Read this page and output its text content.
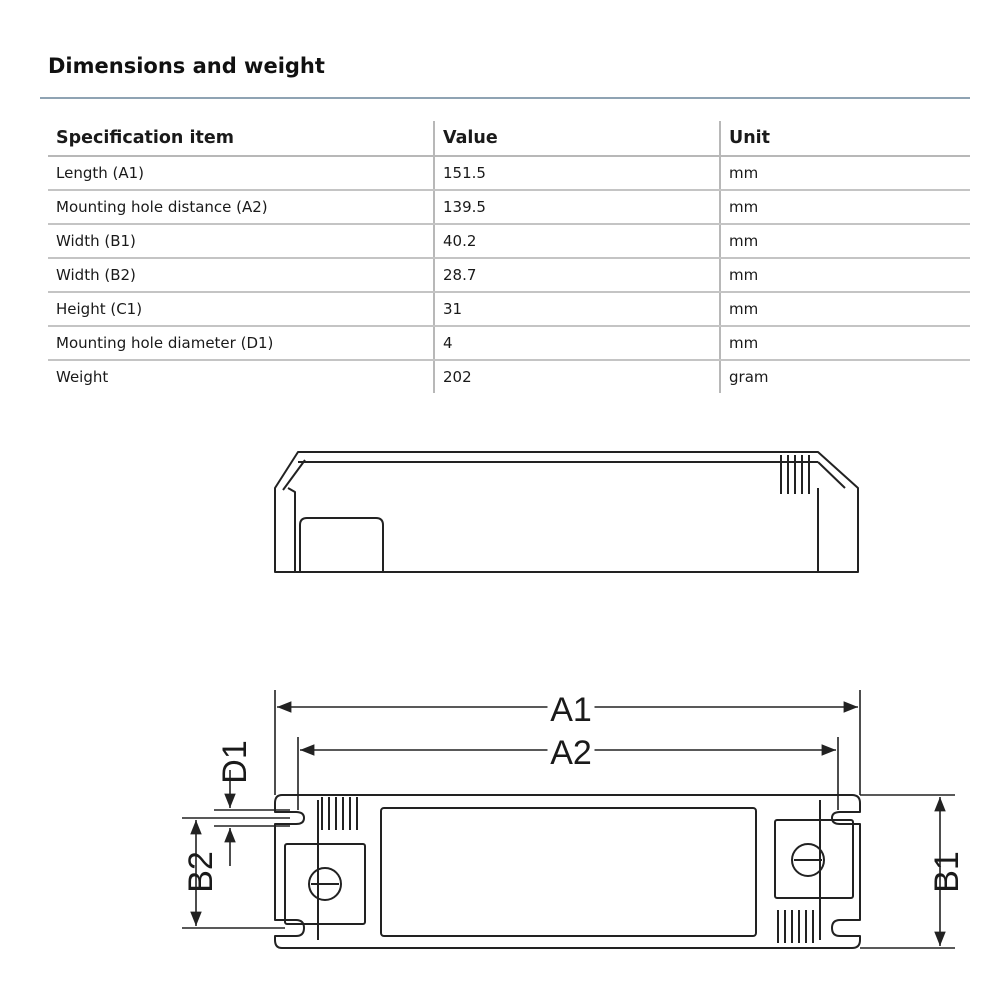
Dimensions and weight
Specification item	Value	Unit
Length (A1)	151.5	mm
Mounting hole distance (A2)	139.5	mm
Width (B1)	40.2	mm
Width (B2)	28.7	mm
Height (C1)	31	mm
Mounting hole diameter (D1)	4	mm
Weight	202	gram
A1
A2
B1
B2
D1
